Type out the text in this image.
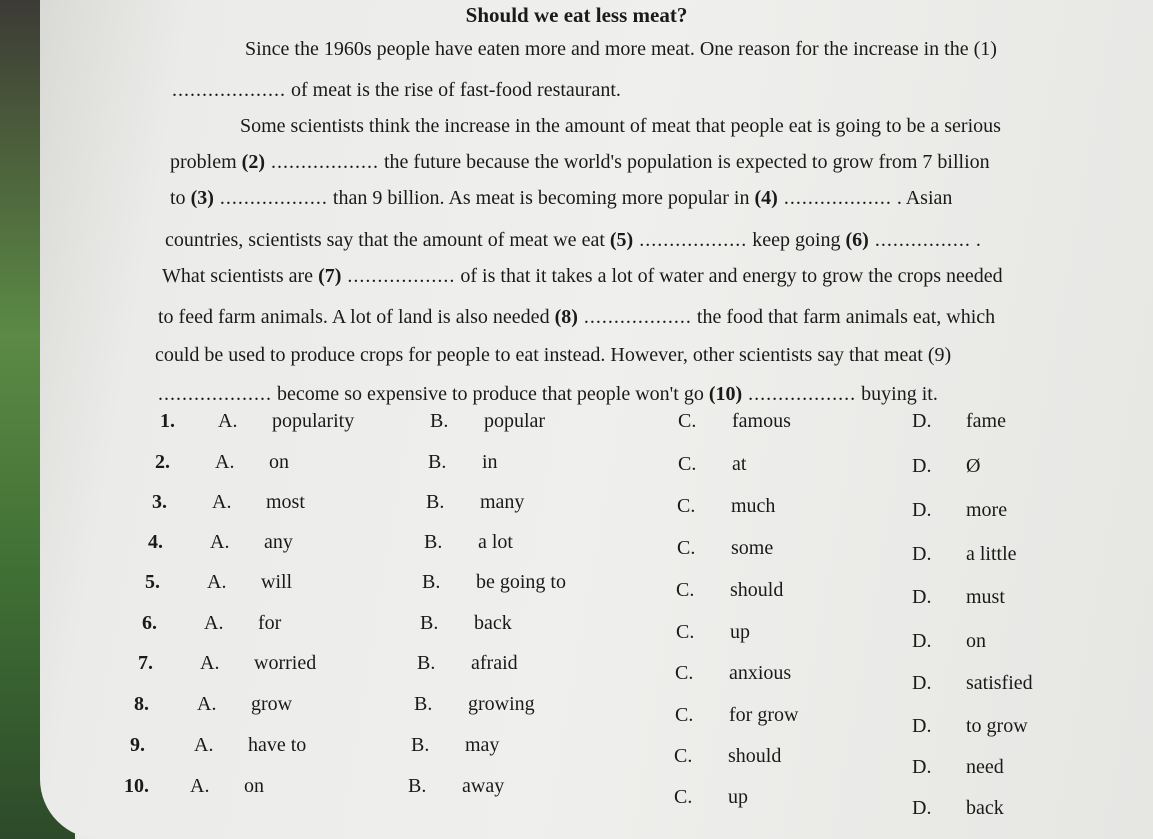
Should we eat less meat?
Since the 1960s people have eaten more and more meat. One reason for the increase in the (1)
................... of meat is the rise of fast-food restaurant.
Some scientists think the increase in the amount of meat that people eat is going to be a serious
problem (2) .................. the future because the world's population is expected to grow from 7 billion
to (3) .................. than 9 billion. As meat is becoming more popular in (4) .................. . Asian
countries, scientists say that the amount of meat we eat (5) .................. keep going (6) ................ .
What scientists are (7) .................. of is that it takes a lot of water and energy to grow the crops needed
to feed farm animals. A lot of land is also needed (8) .................. the food that farm animals eat, which
could be used to produce crops for people to eat instead. However, other scientists say that meat (9)
................... become so expensive to produce that people won't go (10) .................. buying it.
1. A. popularity	B. popular	C. famous	D. fame
2. A. on	B. in	C. at	D. Ø
3. A. most	B. many	C. much	D. more
4. A. any	B. a lot	C. some	D. a little
5. A. will	B. be going to	C. should	D. must
6. A. for	B. back	C. up	D. on
7. A. worried	B. afraid	C. anxious	D. satisfied
8. A. grow	B. growing	C. for grow	D. to grow
9. A. have to	B. may	C. should	D. need
10. A. on	B. away	C. up	D. back
